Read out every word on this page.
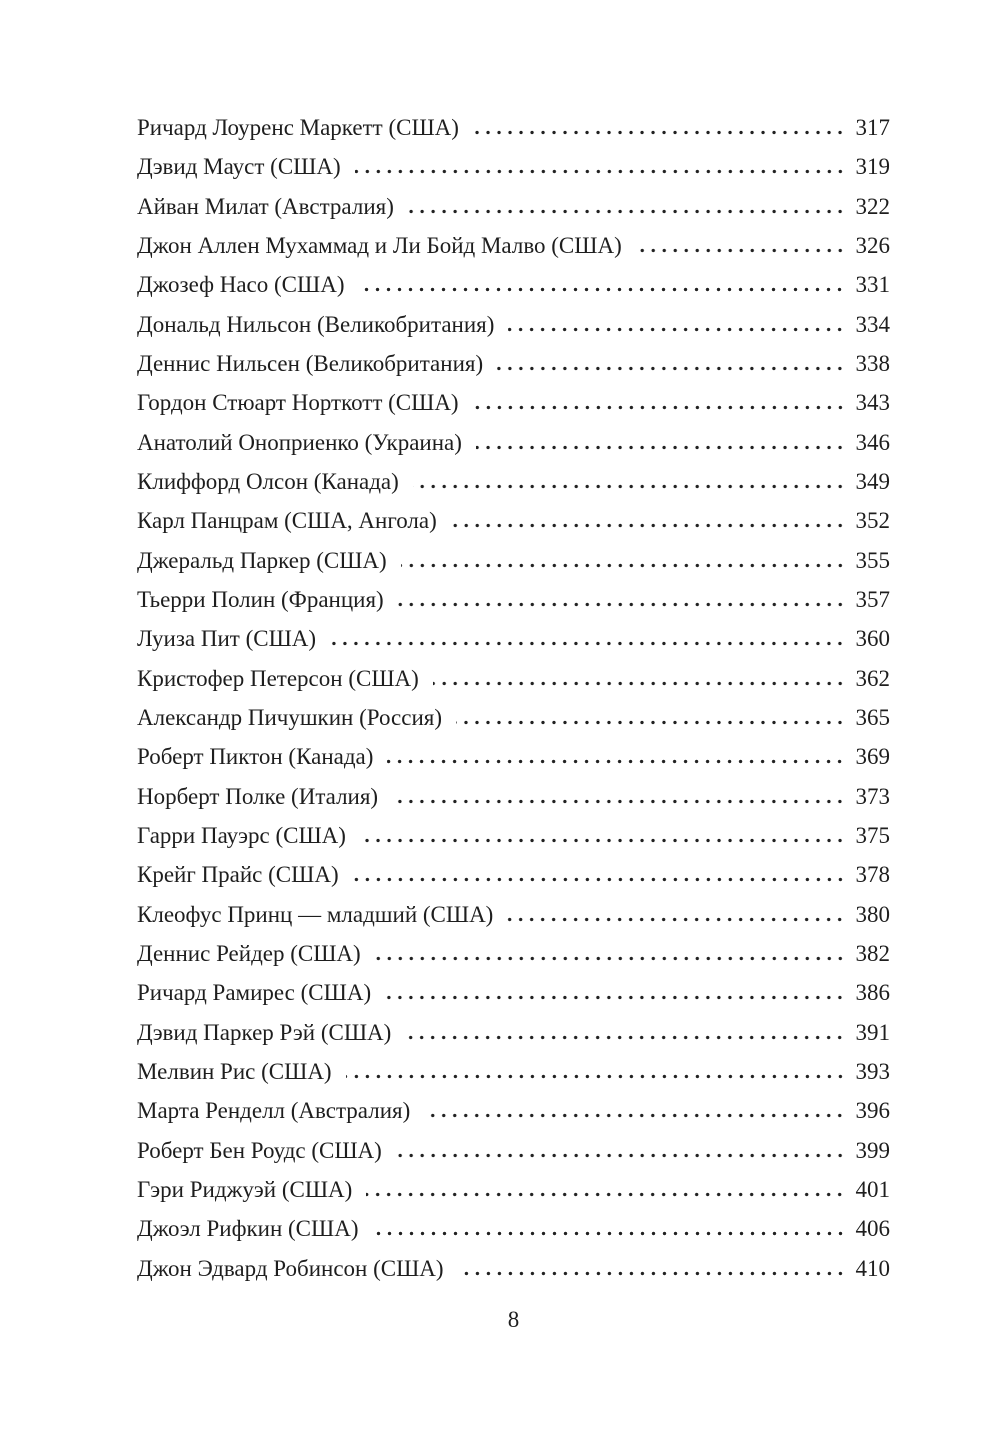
Ричард Лоуренс Маркетт (США)	317
Дэвид Мауст (США)	319
Айван Милат (Австралия)	322
Джон Аллен Мухаммад и Ли Бойд Малво (США)	326
Джозеф Насо (США)	331
Дональд Нильсон (Великобритания)	334
Деннис Нильсен (Великобритания)	338
Гордон Стюарт Норткотт (США)	343
Анатолий Оноприенко (Украина)	346
Клиффорд Олсон (Канада)	349
Карл Панцрам (США, Ангола)	352
Джеральд Паркер (США)	355
Тьерри Полин (Франция)	357
Луиза Пит (США)	360
Кристофер Петерсон (США)	362
Александр Пичушкин (Россия)	365
Роберт Пиктон (Канада)	369
Норберт Полке (Италия)	373
Гарри Пауэрс (США)	375
Крейг Прайс (США)	378
Клеофус Принц — младший (США)	380
Деннис Рейдер (США)	382
Ричард Рамирес (США)	386
Дэвид Паркер Рэй (США)	391
Мелвин Рис (США)	393
Марта Ренделл (Австралия)	396
Роберт Бен Роудс (США)	399
Гэри Риджуэй (США)	401
Джоэл Рифкин (США)	406
Джон Эдвард Робинсон (США)	410
8
